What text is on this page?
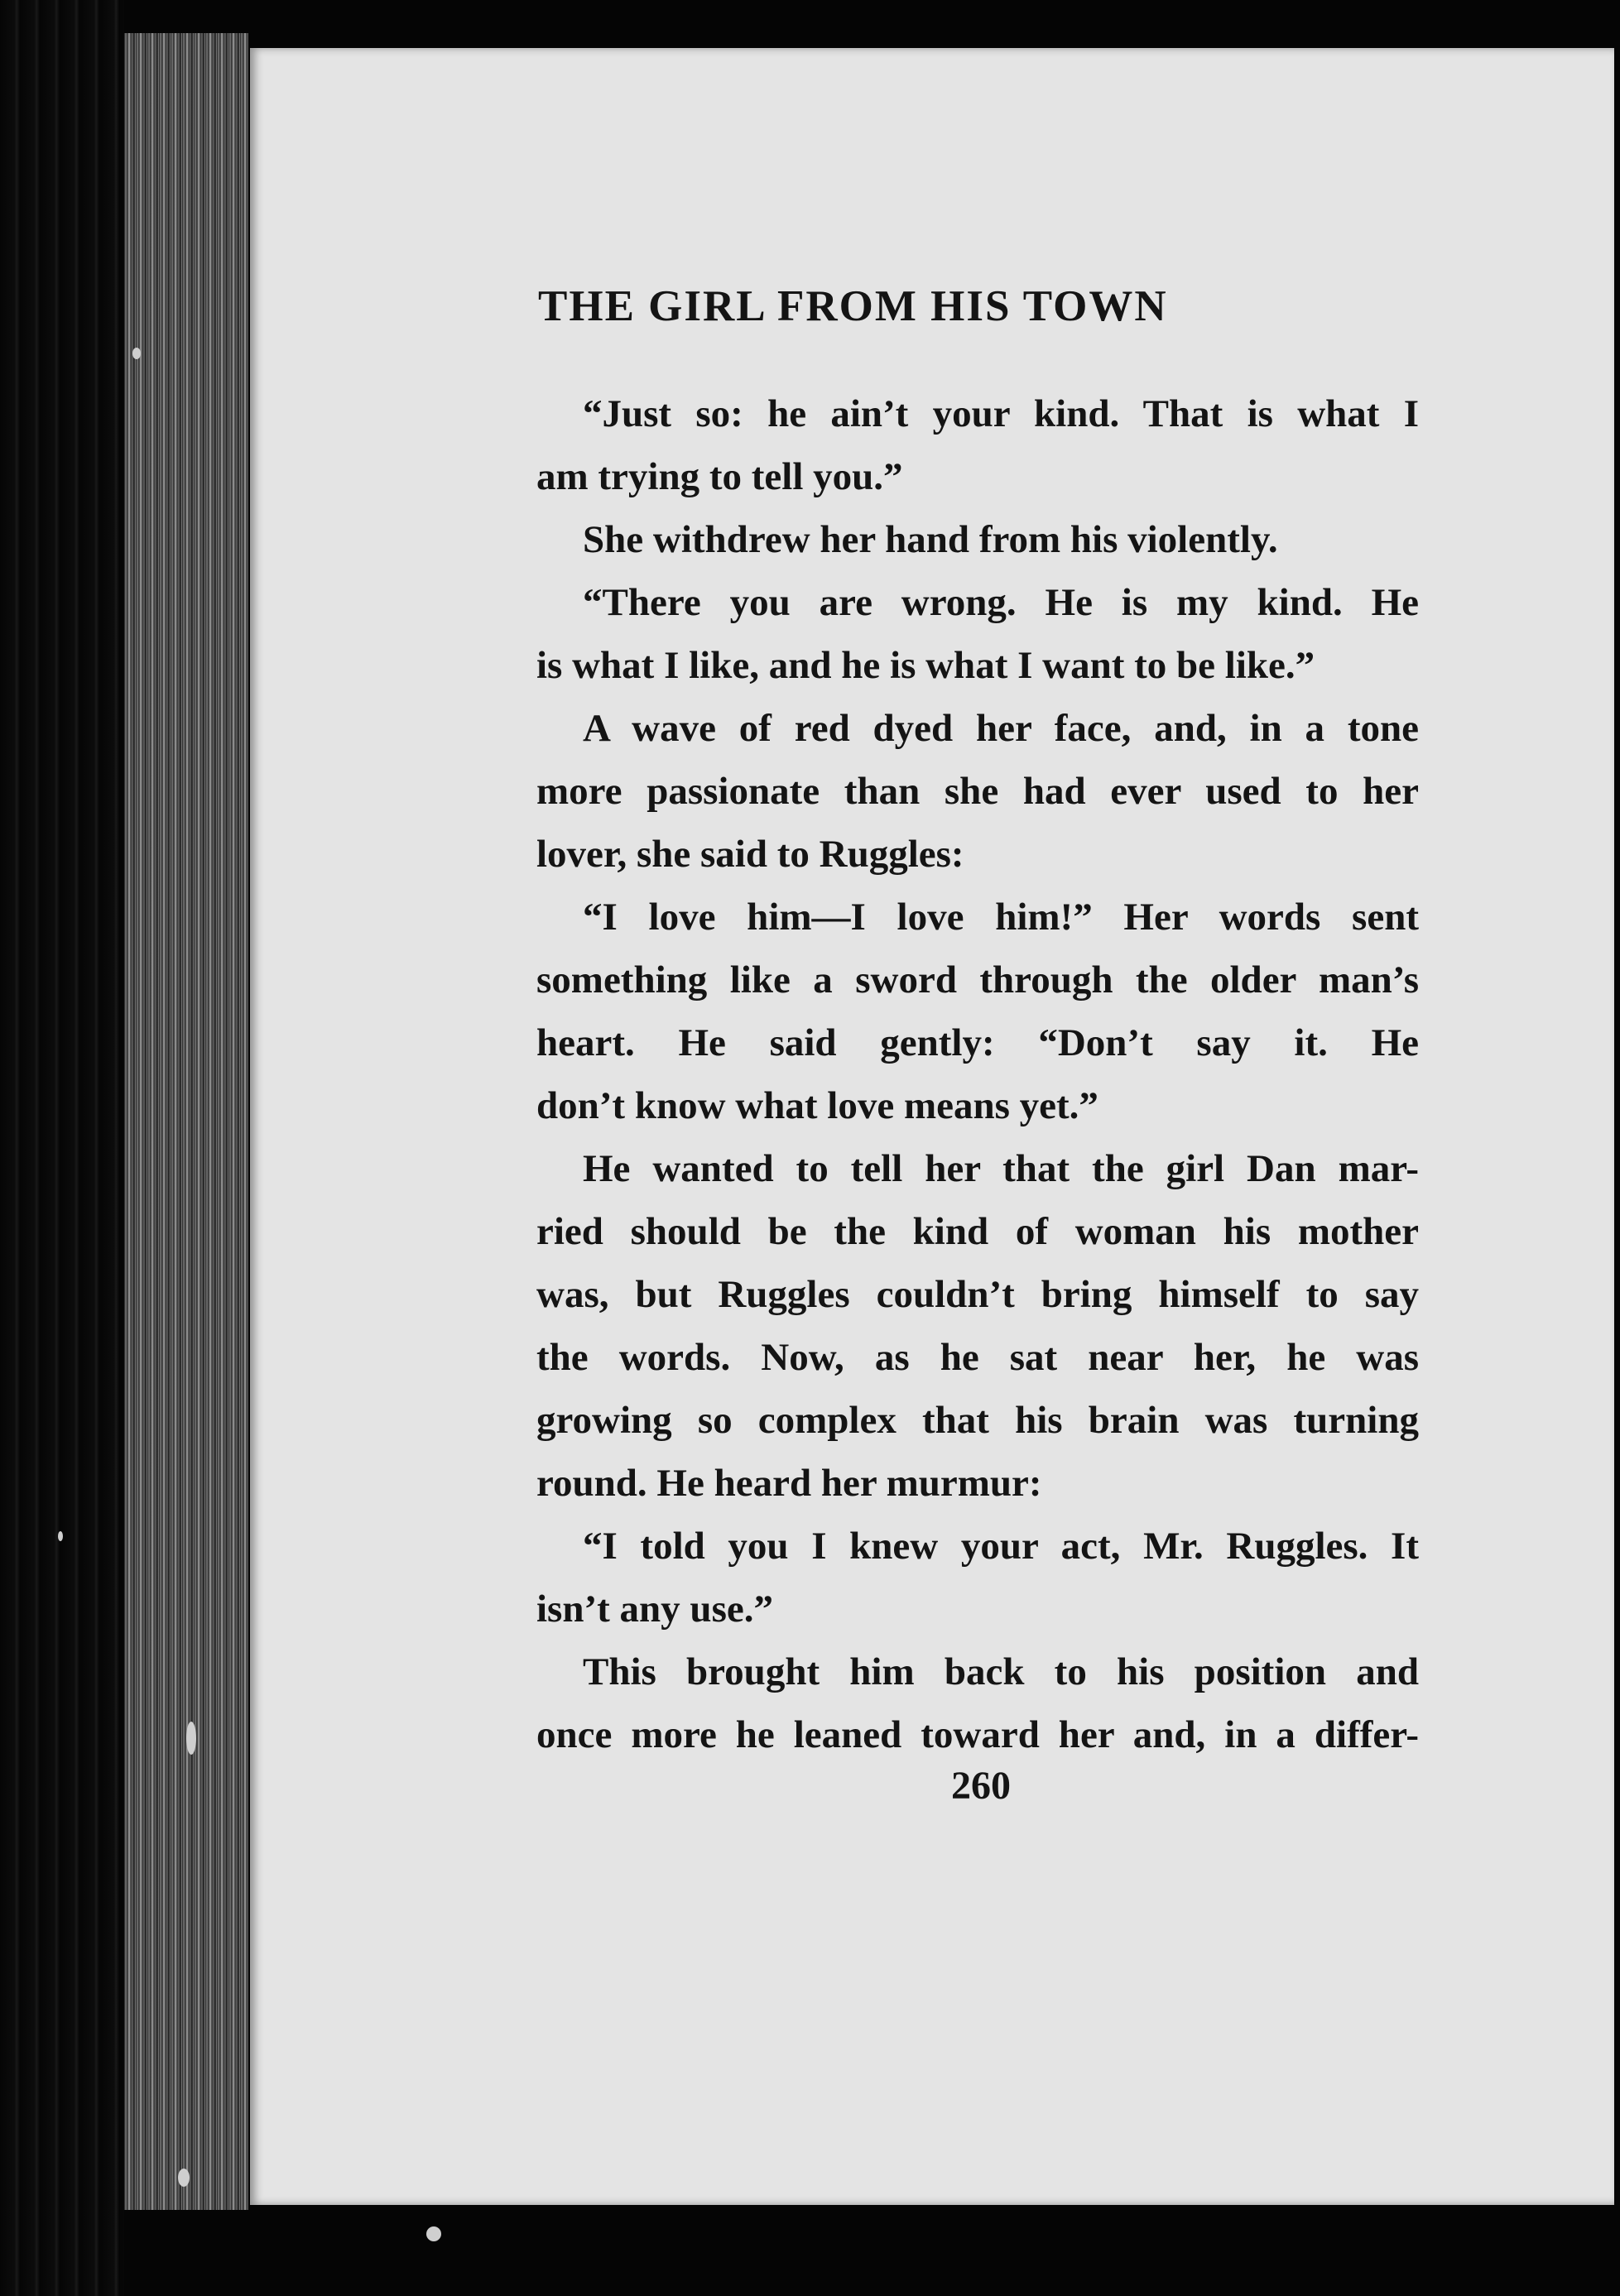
THE GIRL FROM HIS TOWN
“Just so: he ain’t your kind. That is what I
am trying to tell you.”
She withdrew her hand from his violently.
“There you are wrong. He is my kind. He
is what I like, and he is what I want to be like.”
A wave of red dyed her face, and, in a tone
more passionate than she had ever used to her
lover, she said to Ruggles:
“I love him—I love him!” Her words sent
something like a sword through the older man’s
heart. He said gently: “Don’t say it. He
don’t know what love means yet.”
He wanted to tell her that the girl Dan mar-
ried should be the kind of woman his mother
was, but Ruggles couldn’t bring himself to say
the words. Now, as he sat near her, he was
growing so complex that his brain was turning
round. He heard her murmur:
“I told you I knew your act, Mr. Ruggles. It
isn’t any use.”
This brought him back to his position and
once more he leaned toward her and, in a differ-
260
